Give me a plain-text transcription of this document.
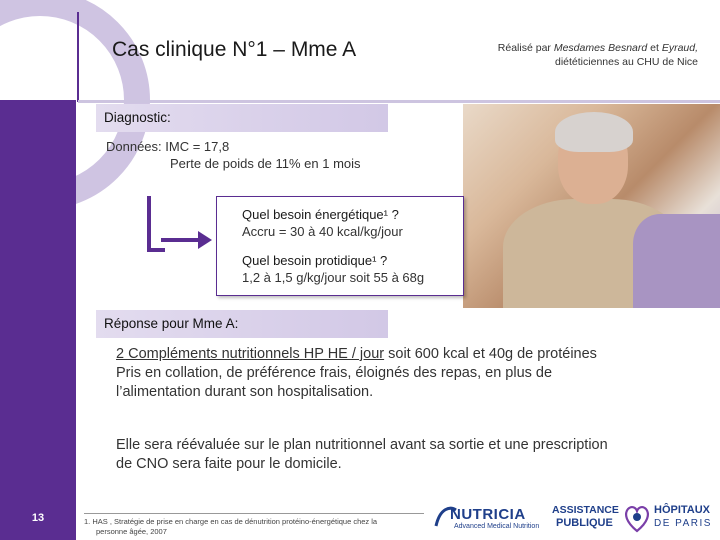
Cas clinique N°1 – Mme A	Réalisé par Mesdames Besnard et Eyraud,
diététiciennes au CHU de Nice
Diagnostic:
Données: IMC = 17,8
Perte de poids de 11% en 1 mois
Quel besoin énergétique¹ ?
Accru = 30 à 40 kcal/kg/jour
Quel besoin protidique¹ ?
1,2 à 1,5 g/kg/jour soit 55 à 68g
Réponse pour Mme A:
2 Compléments nutritionnels HP HE / jour soit 600 kcal et 40g de protéines
Pris en collation, de préférence frais, éloignés des repas, en plus de
l’alimentation durant son hospitalisation.
Elle sera réévaluée sur le plan nutritionnel avant sa sortie et une prescription
de CNO sera faite pour le domicile.
13	1. HAS , Stratégie de prise en charge en cas de dénutrition protéino-énergétique chez la
personne âgée, 2007
NUTRICIA
Advanced Medical Nutrition
ASSISTANCE
PUBLIQUE
HÔPITAUX
DE PARIS
